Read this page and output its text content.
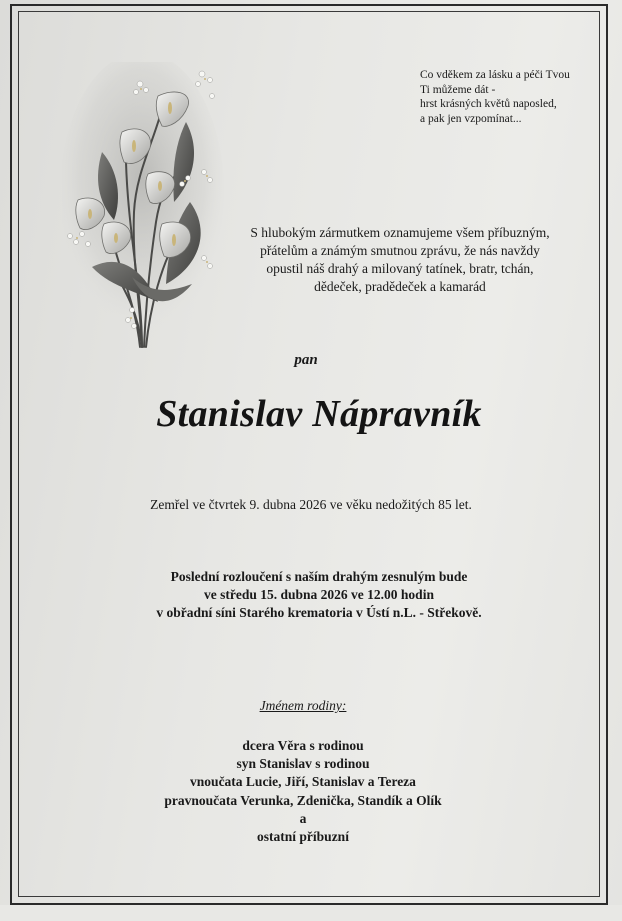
Co vděkem za lásku a péči Tvou
Ti můžeme dát -
hrst krásných květů naposled,
a pak jen vzpomínat...
S hlubokým zármutkem oznamujeme všem příbuzným,
přátelům a známým smutnou zprávu, že nás navždy
opustil náš drahý a milovaný tatínek, bratr, tchán,
dědeček, pradědeček a kamarád
pan
Stanislav Nápravník
Zemřel ve čtvrtek 9. dubna 2026 ve věku nedožitých 85 let.
Poslední rozloučení s naším drahým zesnulým bude
ve středu 15. dubna 2026 ve 12.00 hodin
v obřadní síni Starého krematoria v Ústí n.L. - Střekově.
Jménem rodiny:
dcera Věra s rodinou
syn Stanislav s rodinou
vnoučata Lucie, Jiří, Stanislav a Tereza
pravnoučata Verunka, Zdenička, Standík a Olík
a
ostatní příbuzní
